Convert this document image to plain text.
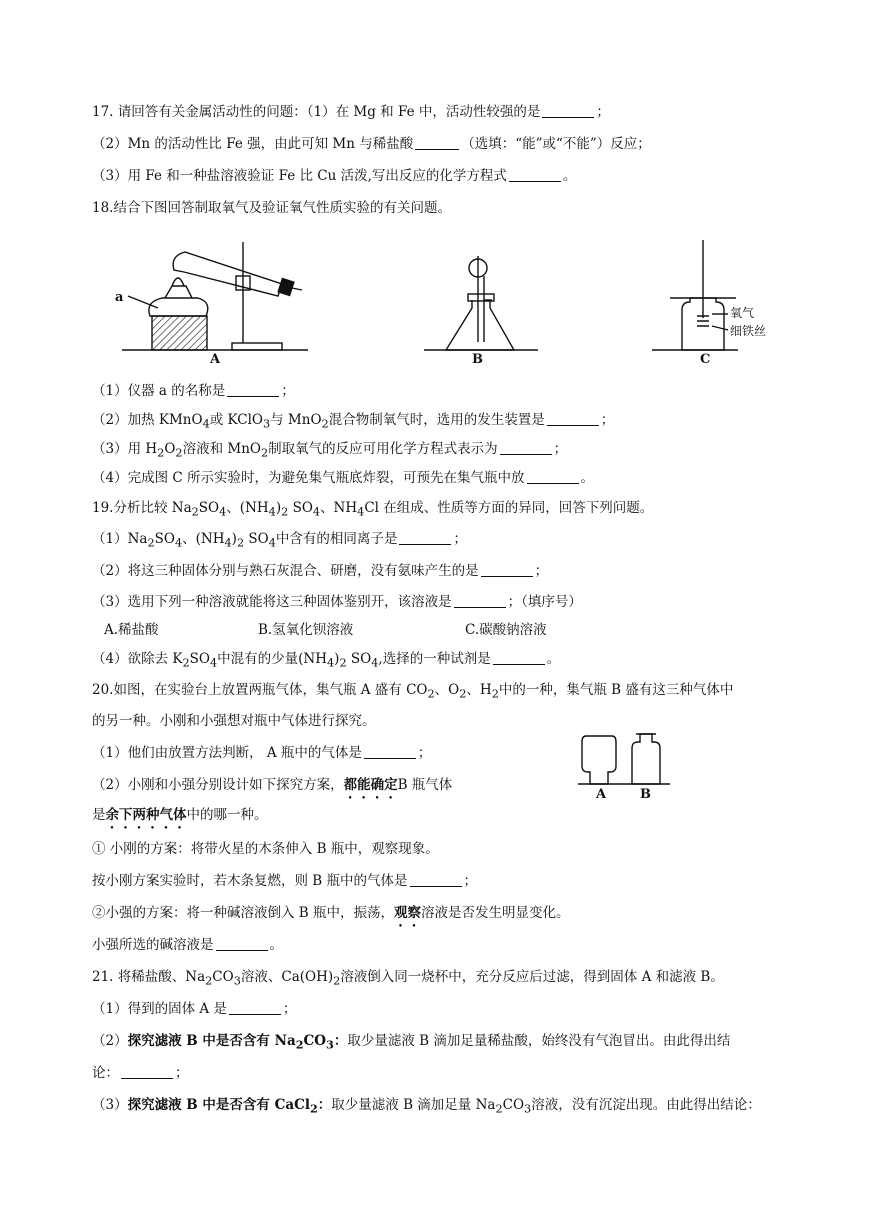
17. 请回答有关金属活动性的问题：（1）在 Mg 和 Fe 中，活动性较强的是	；
（2）Mn 的活动性比 Fe 强，由此可知 Mn 与稀盐酸	（选填：“能”或“不能”）反应；
（3）用 Fe 和一种盐溶液验证 Fe 比 Cu 活泼,写出反应的化学方程式	。
18.结合下图回答制取氧气及验证氧气性质实验的有关问题。
a
A	B	C
氧气
细铁丝
（1）仪器 a 的名称是	；
（2）加热 KMnO$_4$或 KClO$_3$与 MnO$_2$混合物制氧气时，选用的发生装置是	；
（3）用 $H_2O_2$溶液和 MnO$_2$制取氧气的反应可用化学方程式表示为	；
（4）完成图 C 所示实验时，为避免集气瓶底炸裂，可预先在集气瓶中放	。
19.分析比较 $Na_2SO_4$、$(NH_4)_2$ $SO_4$、$NH_4Cl$ 在组成、性质等方面的异同，回答下列问题。
$(1)Na_2SO_4$、$(NH_4)_2$ $SO_4$中含有的相同离子是	；
（2）将这三种固体分别与熟石灰混合、研磨，没有氨味产生的是	；
（3）选用下列一种溶液就能将这三种固体鉴别开，该溶液是	；（填序号）
A.稀盐酸	B.氢氧化钡溶液	C.碳酸钠溶液
（4）欲除去 $K_2SO_4$中混有的少量$(NH_4)_2$ $SO_4$,选择的一种试剂是	。
20.如图，在实验台上放置两瓶气体，集气瓶 A 盛有 $CO_2$、$O_2$、$H_2$中的一种，集气瓶 B 盛有这三种气体中
的另一种。小刚和小强想对瓶中气体进行探究。
（1）他们由放置方法判断， A 瓶中的气体是	；
（2）小刚和小强分别设计如下探究方案，都能确定B 瓶气体
是余下两种气体中的哪一种。
A	B
① 小刚的方案：将带火星的木条伸入 B 瓶中，观察现象。
按小刚方案实验时，若木条复燃，则 B 瓶中的气体是	；
②小强的方案：将一种碱溶液倒入 B 瓶中，振荡，观察溶液是否发生明显变化。
小强所选的碱溶液是	。
21. 将稀盐酸、$Na_2CO_3$溶液、$Ca(OH)_2$溶液倒入同一烧杯中，充分反应后过滤，得到固体 A 和滤液 B。
（1）得到的固体 A 是	；
（2）探究滤液 B 中是否含有 $Na_2CO_3$：取少量滤液 B 滴加足量稀盐酸，始终没有气泡冒出。由此得出结
论：	；
（3）探究滤液 B 中是否含有 CaCl$_2$：取少量滤液 B 滴加足量 $Na_2CO_3$溶液，没有沉淀出现。由此得出结论：
